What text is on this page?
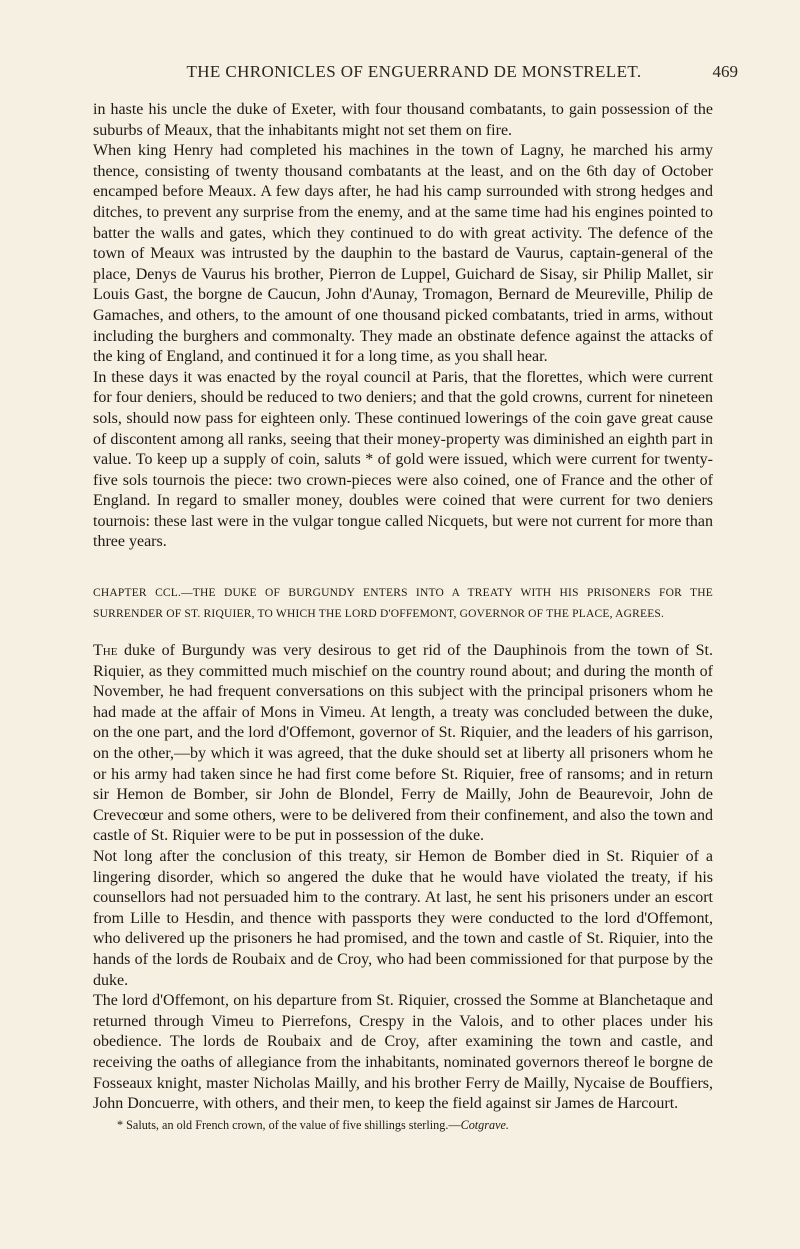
THE CHRONICLES OF ENGUERRAND DE MONSTRELET.	469

in haste his uncle the duke of Exeter, with four thousand combatants, to gain possession of the suburbs of Meaux, that the inhabitants might not set them on fire.

When king Henry had completed his machines in the town of Lagny, he marched his army thence, consisting of twenty thousand combatants at the least, and on the 6th day of October encamped before Meaux. A few days after, he had his camp surrounded with strong hedges and ditches, to prevent any surprise from the enemy, and at the same time had his engines pointed to batter the walls and gates, which they continued to do with great activity. The defence of the town of Meaux was intrusted by the dauphin to the bastard de Vaurus, captain-general of the place, Denys de Vaurus his brother, Pierron de Luppel, Guichard de Sisay, sir Philip Mallet, sir Louis Gast, the borgne de Caucun, John d'Aunay, Tromagon, Bernard de Meureville, Philip de Gamaches, and others, to the amount of one thousand picked combatants, tried in arms, without including the burghers and commonalty. They made an obstinate defence against the attacks of the king of England, and continued it for a long time, as you shall hear.

In these days it was enacted by the royal council at Paris, that the florettes, which were current for four deniers, should be reduced to two deniers; and that the gold crowns, current for nineteen sols, should now pass for eighteen only. These continued lowerings of the coin gave great cause of discontent among all ranks, seeing that their money-property was diminished an eighth part in value. To keep up a supply of coin, saluts * of gold were issued, which were current for twenty-five sols tournois the piece: two crown-pieces were also coined, one of France and the other of England. In regard to smaller money, doubles were coined that were current for two deniers tournois: these last were in the vulgar tongue called Nicquets, but were not current for more than three years.

CHAPTER CCL.—THE DUKE OF BURGUNDY ENTERS INTO A TREATY WITH HIS PRISONERS FOR THE SURRENDER OF ST. RIQUIER, TO WHICH THE LORD D'OFFEMONT, GOVERNOR OF THE PLACE, AGREES.

The duke of Burgundy was very desirous to get rid of the Dauphinois from the town of St. Riquier, as they committed much mischief on the country round about; and during the month of November, he had frequent conversations on this subject with the principal prisoners whom he had made at the affair of Mons in Vimeu. At length, a treaty was concluded between the duke, on the one part, and the lord d'Offemont, governor of St. Riquier, and the leaders of his garrison, on the other,—by which it was agreed, that the duke should set at liberty all prisoners whom he or his army had taken since he had first come before St. Riquier, free of ransoms; and in return sir Hemon de Bomber, sir John de Blondel, Ferry de Mailly, John de Beaurevoir, John de Crevecœur and some others, were to be delivered from their confinement, and also the town and castle of St. Riquier were to be put in possession of the duke.

Not long after the conclusion of this treaty, sir Hemon de Bomber died in St. Riquier of a lingering disorder, which so angered the duke that he would have violated the treaty, if his counsellors had not persuaded him to the contrary. At last, he sent his prisoners under an escort from Lille to Hesdin, and thence with passports they were conducted to the lord d'Offemont, who delivered up the prisoners he had promised, and the town and castle of St. Riquier, into the hands of the lords de Roubaix and de Croy, who had been commissioned for that purpose by the duke.

The lord d'Offemont, on his departure from St. Riquier, crossed the Somme at Blanchetaque and returned through Vimeu to Pierrefons, Crespy in the Valois, and to other places under his obedience. The lords de Roubaix and de Croy, after examining the town and castle, and receiving the oaths of allegiance from the inhabitants, nominated governors thereof le borgne de Fosseaux knight, master Nicholas Mailly, and his brother Ferry de Mailly, Nycaise de Bouffiers, John Doncuerre, with others, and their men, to keep the field against sir James de Harcourt.

* Saluts, an old French crown, of the value of five shillings sterling.—Cotgrave.
